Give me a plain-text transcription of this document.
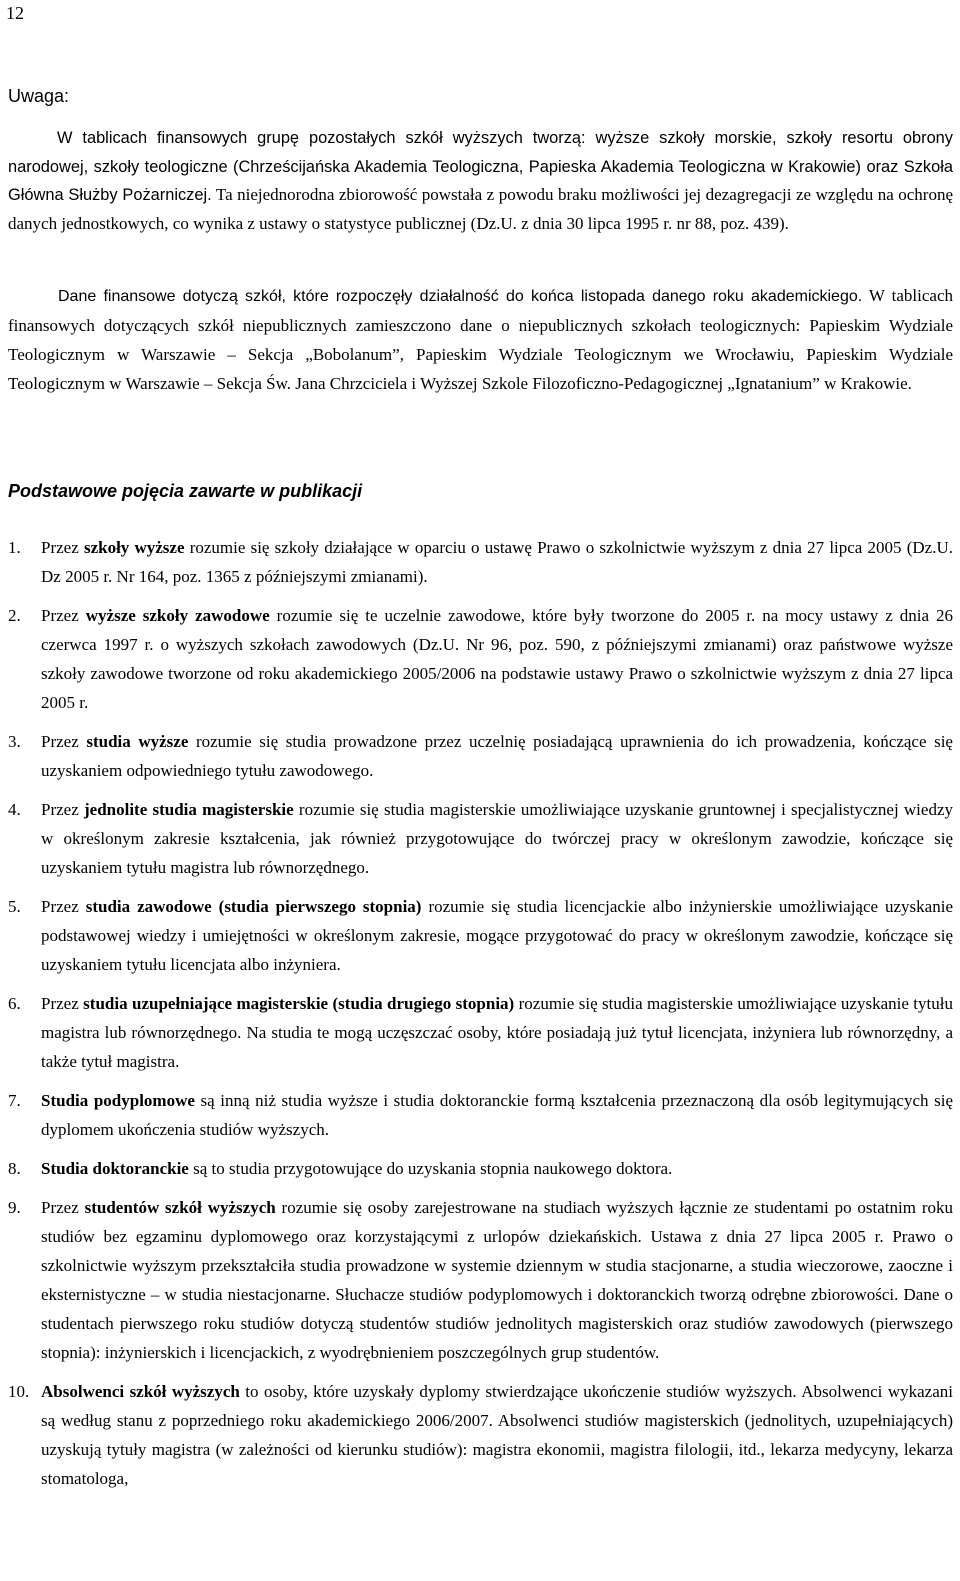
12
Uwaga:
W tablicach finansowych grupę pozostałych szkół wyższych tworzą: wyższe szkoły morskie, szkoły resortu obrony narodowej, szkoły teologiczne (Chrześcijańska Akademia Teologiczna, Papieska Akademia Teologiczna w Krakowie) oraz Szkoła Główna Służby Pożarniczej. Ta niejednorodna zbiorowość powstała z powodu braku możliwości jej dezagregacji ze względu na ochronę danych jednostkowych, co wynika z ustawy o statystyce publicznej (Dz.U. z dnia 30 lipca 1995 r. nr 88, poz. 439).
Dane finansowe dotyczą szkół, które rozpoczęły działalność do końca listopada danego roku akademickiego. W tablicach finansowych dotyczących szkół niepublicznych zamieszczono dane o niepublicznych szkołach teologicznych: Papieskim Wydziale Teologicznym w Warszawie – Sekcja „Bobolanum”, Papieskim Wydziale Teologicznym we Wrocławiu, Papieskim Wydziale Teologicznym w Warszawie – Sekcja Św. Jana Chrzciciela i Wyższej Szkole Filozoficzno-Pedagogicznej „Ignatanium” w Krakowie.
Podstawowe pojęcia zawarte w publikacji
1. Przez szkoły wyższe rozumie się szkoły działające w oparciu o ustawę Prawo o szkolnictwie wyższym z dnia 27 lipca 2005 (Dz.U. Dz 2005 r. Nr 164, poz. 1365 z późniejszymi zmianami).
2. Przez wyższe szkoły zawodowe rozumie się te uczelnie zawodowe, które były tworzone do 2005 r. na mocy ustawy z dnia 26 czerwca 1997 r. o wyższych szkołach zawodowych (Dz.U. Nr 96, poz. 590, z późniejszymi zmianami) oraz państwowe wyższe szkoły zawodowe tworzone od roku akademickiego 2005/2006 na podstawie ustawy Prawo o szkolnictwie wyższym z dnia 27 lipca 2005 r.
3. Przez studia wyższe rozumie się studia prowadzone przez uczelnię posiadającą uprawnienia do ich prowadzenia, kończące się uzyskaniem odpowiedniego tytułu zawodowego.
4. Przez jednolite studia magisterskie rozumie się studia magisterskie umożliwiające uzyskanie gruntownej i specjalistycznej wiedzy w określonym zakresie kształcenia, jak również przygotowujące do twórczej pracy w określonym zawodzie, kończące się uzyskaniem tytułu magistra lub równorzędnego.
5. Przez studia zawodowe (studia pierwszego stopnia) rozumie się studia licencjackie albo inżynierskie umożliwiające uzyskanie podstawowej wiedzy i umiejętności w określonym zakresie, mogące przygotować do pracy w określonym zawodzie, kończące się uzyskaniem tytułu licencjata albo inżyniera.
6. Przez studia uzupełniające magisterskie (studia drugiego stopnia) rozumie się studia magisterskie umożliwiające uzyskanie tytułu magistra lub równorzędnego. Na studia te mogą uczęszczać osoby, które posiadają już tytuł licencjata, inżyniera lub równorzędny, a także tytuł magistra.
7. Studia podyplomowe są inną niż studia wyższe i studia doktoranckie formą kształcenia przeznaczoną dla osób legitymujących się dyplomem ukończenia studiów wyższych.
8. Studia doktoranckie są to studia przygotowujące do uzyskania stopnia naukowego doktora.
9. Przez studentów szkół wyższych rozumie się osoby zarejestrowane na studiach wyższych łącznie ze studentami po ostatnim roku studiów bez egzaminu dyplomowego oraz korzystającymi z urlopów dziekańskich. Ustawa z dnia 27 lipca 2005 r. Prawo o szkolnictwie wyższym przekształciła studia prowadzone w systemie dziennym w studia stacjonarne, a studia wieczorowe, zaoczne i eksternistyczne – w studia niestacjonarne. Słuchacze studiów podyplomowych i doktoranckich tworzą odrębne zbiorowości. Dane o studentach pierwszego roku studiów dotyczą studentów studiów jednolitych magisterskich oraz studiów zawodowych (pierwszego stopnia): inżynierskich i licencjackich, z wyodrębnieniem poszczególnych grup studentów.
10. Absolwenci szkół wyższych to osoby, które uzyskały dyplomy stwierdzające ukończenie studiów wyższych. Absolwenci wykazani są według stanu z poprzedniego roku akademickiego 2006/2007. Absolwenci studiów magisterskich (jednolitych, uzupełniających) uzyskują tytuły magistra (w zależności od kierunku studiów): magistra ekonomii, magistra filologii, itd., lekarza medycyny, lekarza stomatologa,
